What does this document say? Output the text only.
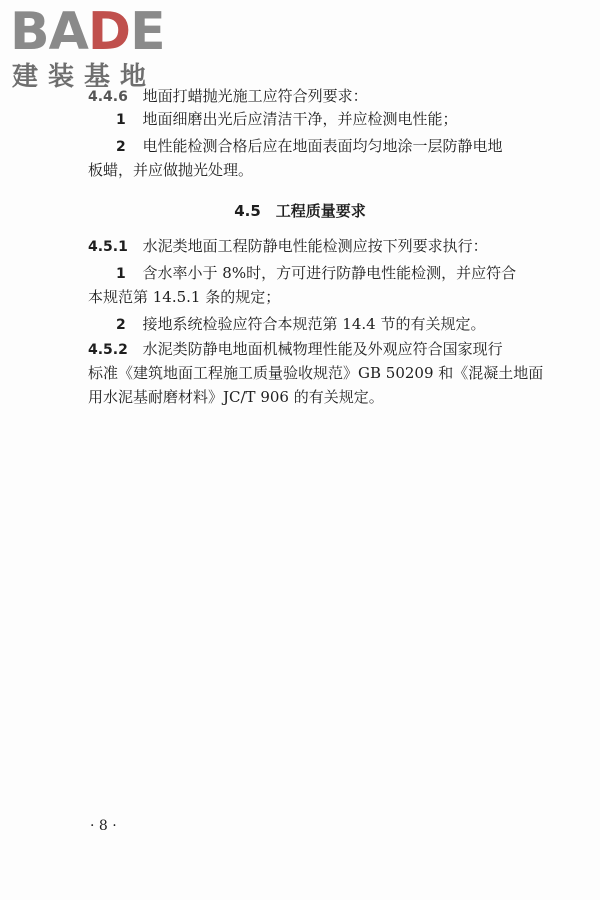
BADE
建装基地
4.4.6 地面打蜡抛光施工应符合列要求：
1 地面细磨出光后应清洁干净，并应检测电性能；
2 电性能检测合格后应在地面表面均匀地涂一层防静电地
板蜡，并应做抛光处理。
4.5　工程质量要求
4.5.1 水泥类地面工程防静电性能检测应按下列要求执行：
1 含水率小于 8%时，方可进行防静电性能检测，并应符合
本规范第 14.5.1 条的规定；
2 接地系统检验应符合本规范第 14.4 节的有关规定。
4.5.2 水泥类防静电地面机械物理性能及外观应符合国家现行
标准《建筑地面工程施工质量验收规范》GB 50209 和《混凝土地面
用水泥基耐磨材料》JC/T 906 的有关规定。
· 8 ·
